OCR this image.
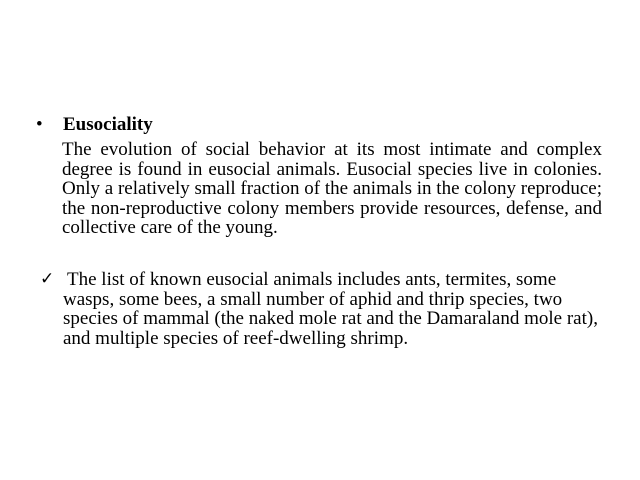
•	Eusociality
The evolution of social behavior at its most intimate and complex degree is found in eusocial animals. Eusocial species live in colonies. Only a relatively small fraction of the animals in the colony reproduce; the non-reproductive colony members provide resources, defense, and collective care of the young.
✓ The list of known eusocial animals includes ants, termites, some wasps, some bees, a small number of aphid and thrip species, two species of mammal (the naked mole rat and the Damaraland mole rat), and multiple species of reef-dwelling shrimp.
